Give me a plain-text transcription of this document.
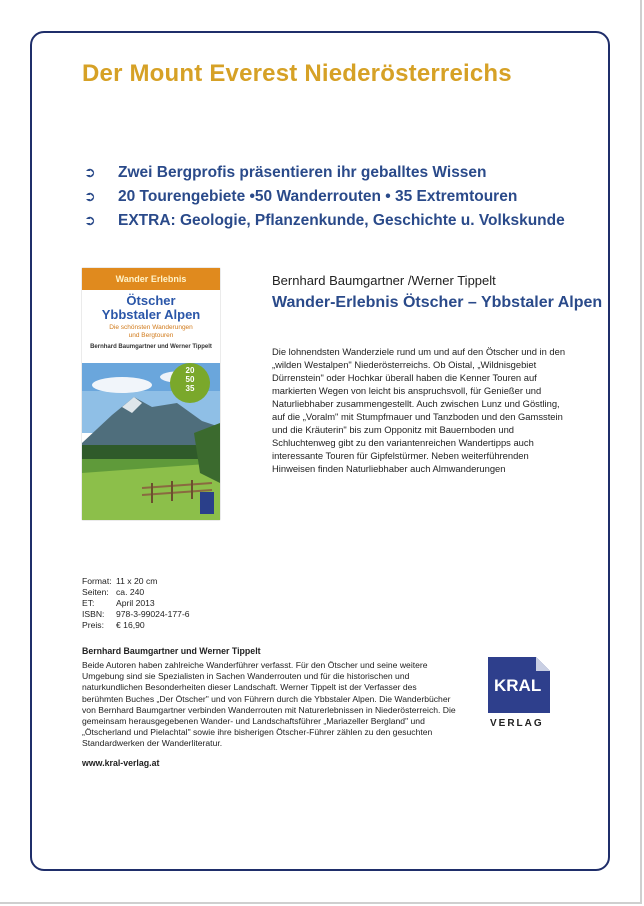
Der Mount Everest Niederösterreichs
➲ Zwei Bergprofis präsentieren ihr geballtes Wissen
➲ 20 Tourengebiete •50 Wanderrouten • 35 Extremtouren
➲ EXTRA: Geologie, Pflanzenkunde, Geschichte u. Volkskunde
Wander Erlebnis
Ötscher
Ybbstaler Alpen
Die schönsten Wanderungen
und Bergtouren
Bernhard Baumgartner und Werner Tippelt
20
50
35
Bernhard Baumgartner /Werner Tippelt
Wander-Erlebnis Ötscher – Ybbstaler Alpen

Die lohnendsten Wanderziele rund um und auf den Ötscher und in den „wilden Westalpen" Niederösterreichs. Ob Oistal, „Wildnisgebiet Dürrenstein" oder Hochkar überall haben die Kenner Touren auf markierten Wegen von leicht bis anspruchsvoll, für Genießer und Naturliebhaber zusammengestellt. Auch zwischen Lunz und Göstling, auf die „Voralm" mit Stumpfmauer und Tanzboden und den Gamsstein und die Kräuterin" bis zum Opponitz mit Bauernboden und Schluchtenweg gibt zu den variantenreichen Wandertipps auch interessante Touren für Gipfelstürmer. Neben weiterführenden Hinweisen finden Naturliebhaber auch Almwanderungen

Format: 11 x 20 cm
Seiten: ca. 240
ET:	April 2013
ISBN:	978-3-99024-177-6
Preis:	€ 16,90
Bernhard Baumgartner und Werner Tippelt

Beide Autoren haben zahlreiche Wanderführer verfasst. Für den Ötscher und seine weitere Umgebung sind sie Spezialisten in Sachen Wanderrouten und für die historischen und naturkundlichen Besonderheiten dieser Landschaft. Werner Tippelt ist der Verfasser des berühmten Buches „Der Ötscher" und von Führern durch die Ybbstaler Alpen. Die Wanderbücher von Bernhard Baumgartner verbinden Wanderrouten mit Naturerlebnissen in Niederösterreich. Die gemeinsam herausgegebenen Wander- und Landschaftsführer „Mariazeller Bergland" und „Ötscherland und Pielachtal" sowie ihre bisherigen Ötscher-Führer zählen zu den gesuchten Standardwerken der Wanderliteratur.

www.kral-verlag.at
KRAL
VERLAG
